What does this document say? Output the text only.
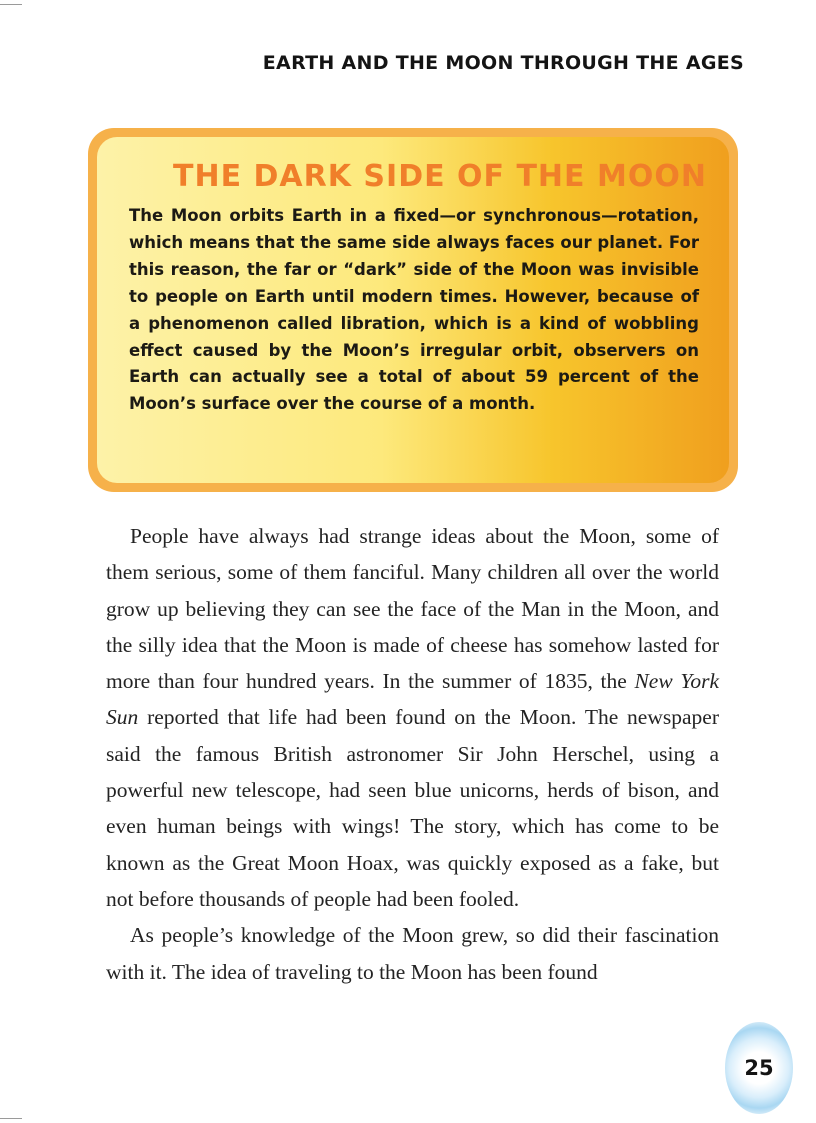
EARTH AND THE MOON THROUGH THE AGES
THE DARK SIDE OF THE MOON

The Moon orbits Earth in a fixed—or synchronous—rotation, which means that the same side always faces our planet. For this reason, the far or “dark” side of the Moon was invisible to people on Earth until modern times. However, because of a phenomenon called libration, which is a kind of wobbling effect caused by the Moon’s irregular orbit, observers on Earth can actually see a total of about 59 percent of the Moon’s surface over the course of a month.

People have always had strange ideas about the Moon, some of them serious, some of them fanciful. Many children all over the world grow up believing they can see the face of the Man in the Moon, and the silly idea that the Moon is made of cheese has somehow lasted for more than four hundred years. In the summer of 1835, the New York Sun reported that life had been found on the Moon. The newspaper said the famous British astronomer Sir John Herschel, using a powerful new telescope, had seen blue unicorns, herds of bison, and even human beings with wings! The story, which has come to be known as the Great Moon Hoax, was quickly exposed as a fake, but not before thousands of people had been fooled.

As people’s knowledge of the Moon grew, so did their fascination with it. The idea of traveling to the Moon has been found

25
